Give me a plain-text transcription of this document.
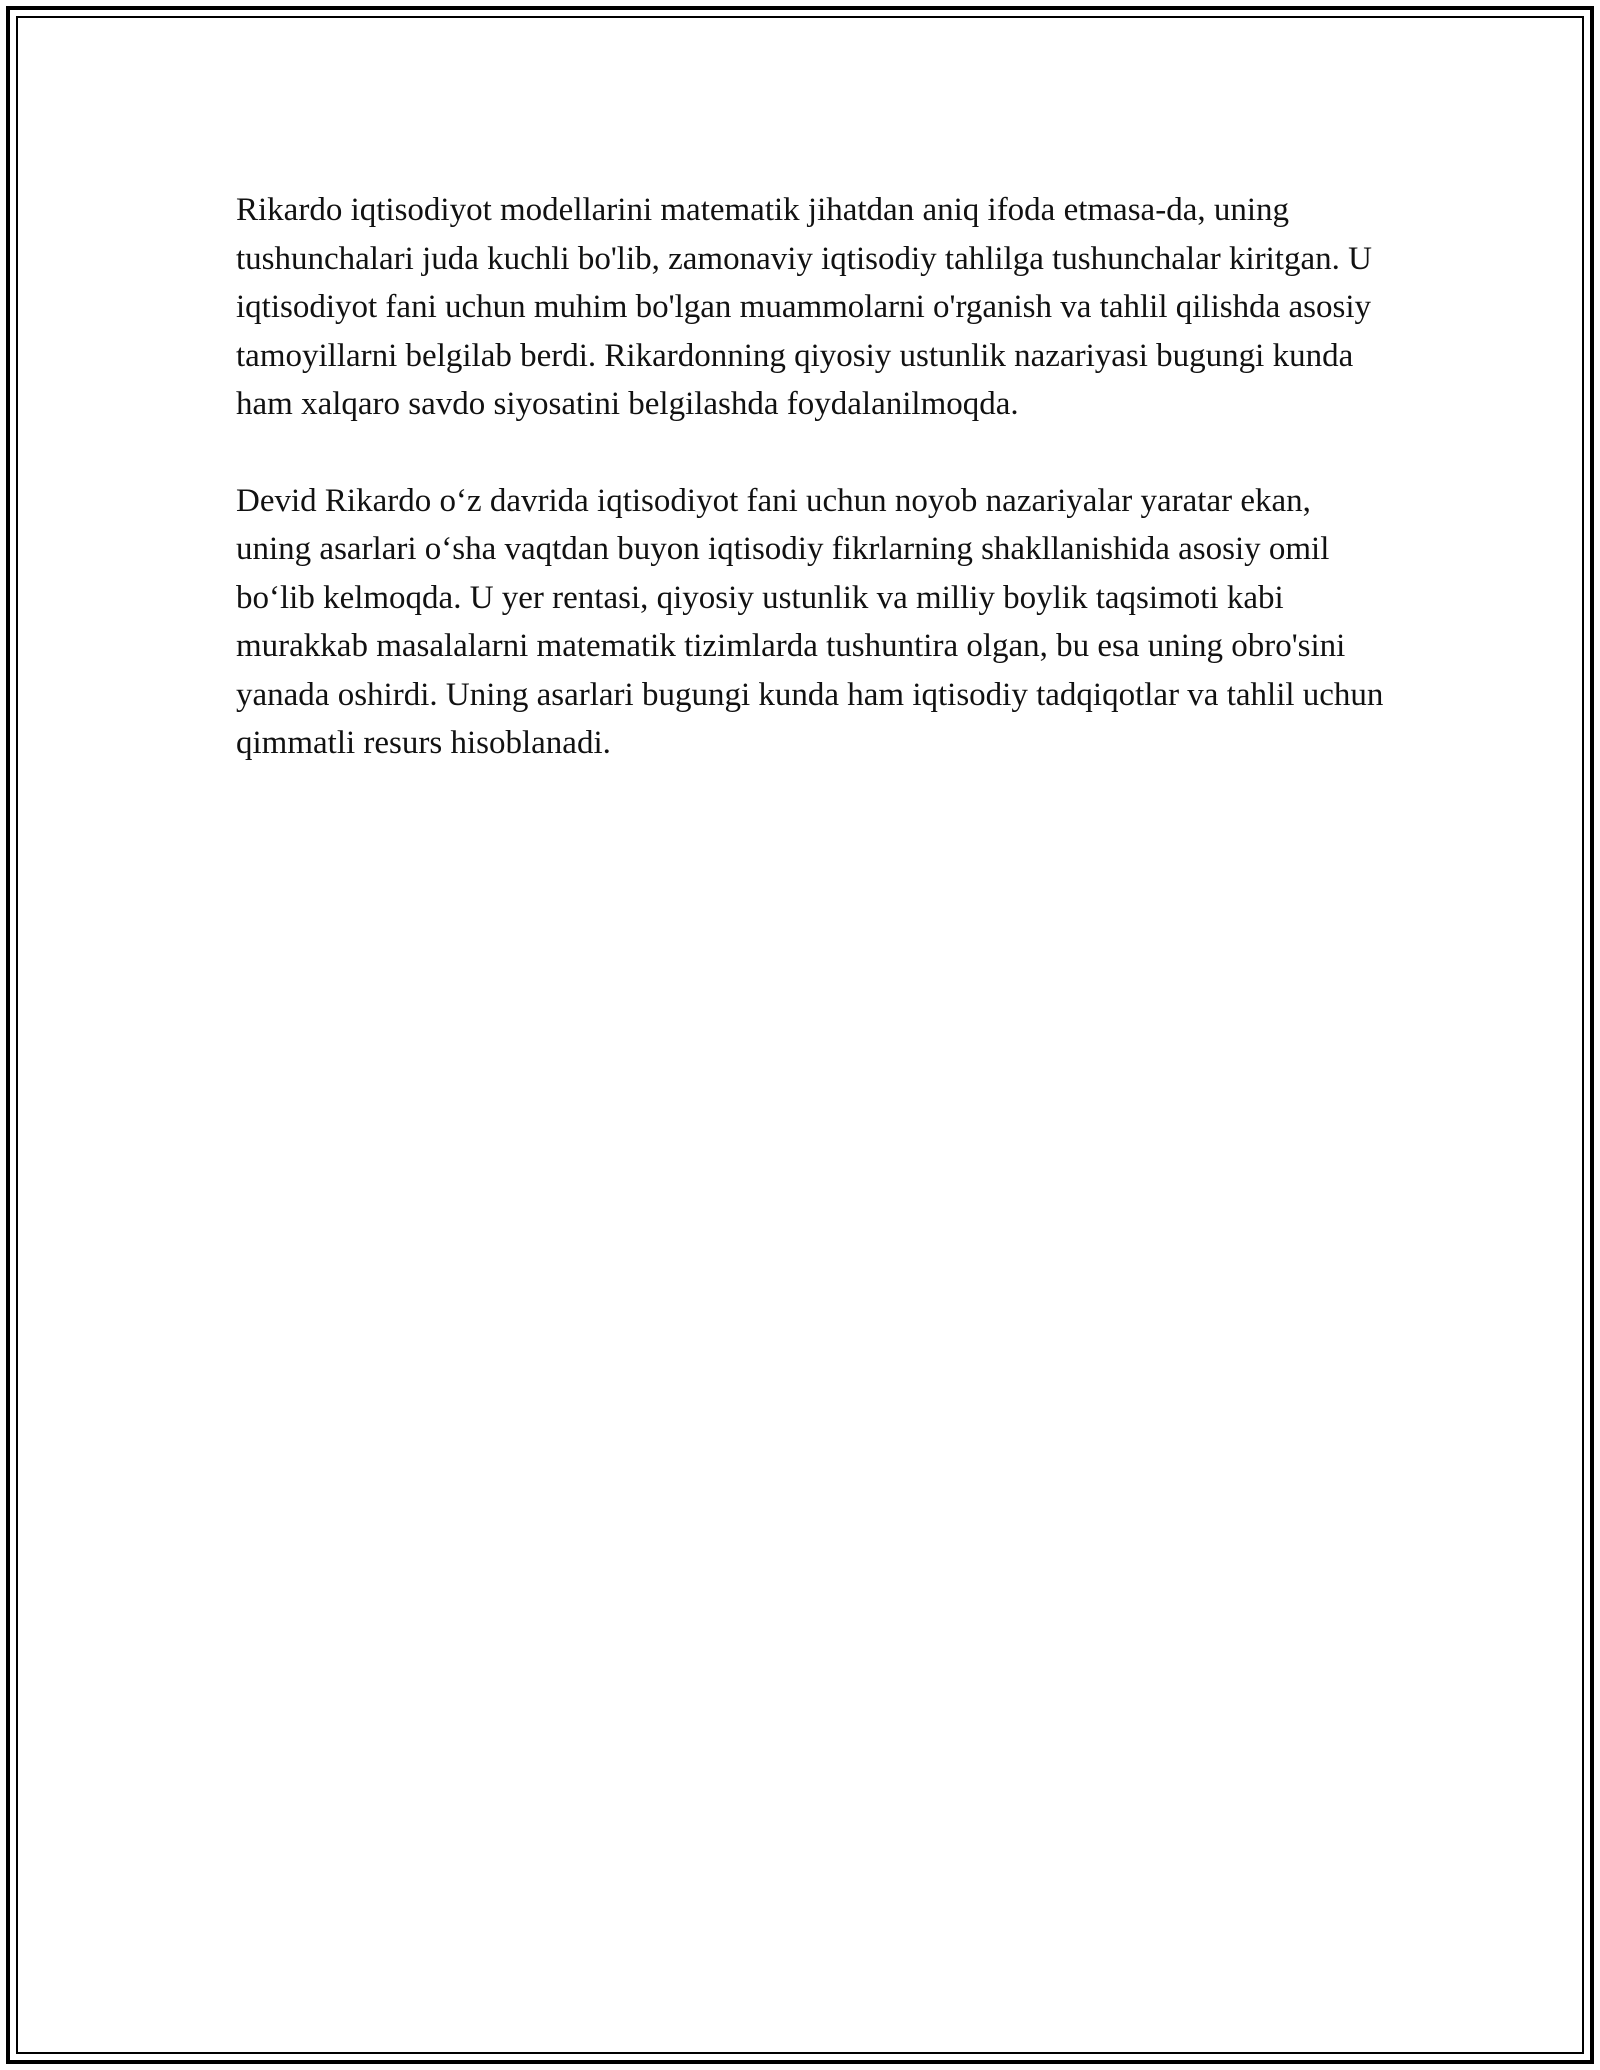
Rikardo iqtisodiyot modellarini matematik jihatdan aniq ifoda etmasa-da, uning tushunchalari juda kuchli bo'lib, zamonaviy iqtisodiy tahlilga tushunchalar kiritgan. U iqtisodiyot fani uchun muhim bo'lgan muammolarni o'rganish va tahlil qilishda asosiy tamoyillarni belgilab berdi. Rikardonning qiyosiy ustunlik nazariyasi bugungi kunda ham xalqaro savdo siyosatini belgilashda foydalanilmoqda.

Devid Rikardo o‘z davrida iqtisodiyot fani uchun noyob nazariyalar yaratar ekan, uning asarlari o‘sha vaqtdan buyon iqtisodiy fikrlarning shakllanishida asosiy omil bo‘lib kelmoqda. U yer rentasi, qiyosiy ustunlik va milliy boylik taqsimoti kabi murakkab masalalarni matematik tizimlarda tushuntira olgan, bu esa uning obro'sini yanada oshirdi. Uning asarlari bugungi kunda ham iqtisodiy tadqiqotlar va tahlil uchun qimmatli resurs hisoblanadi.
